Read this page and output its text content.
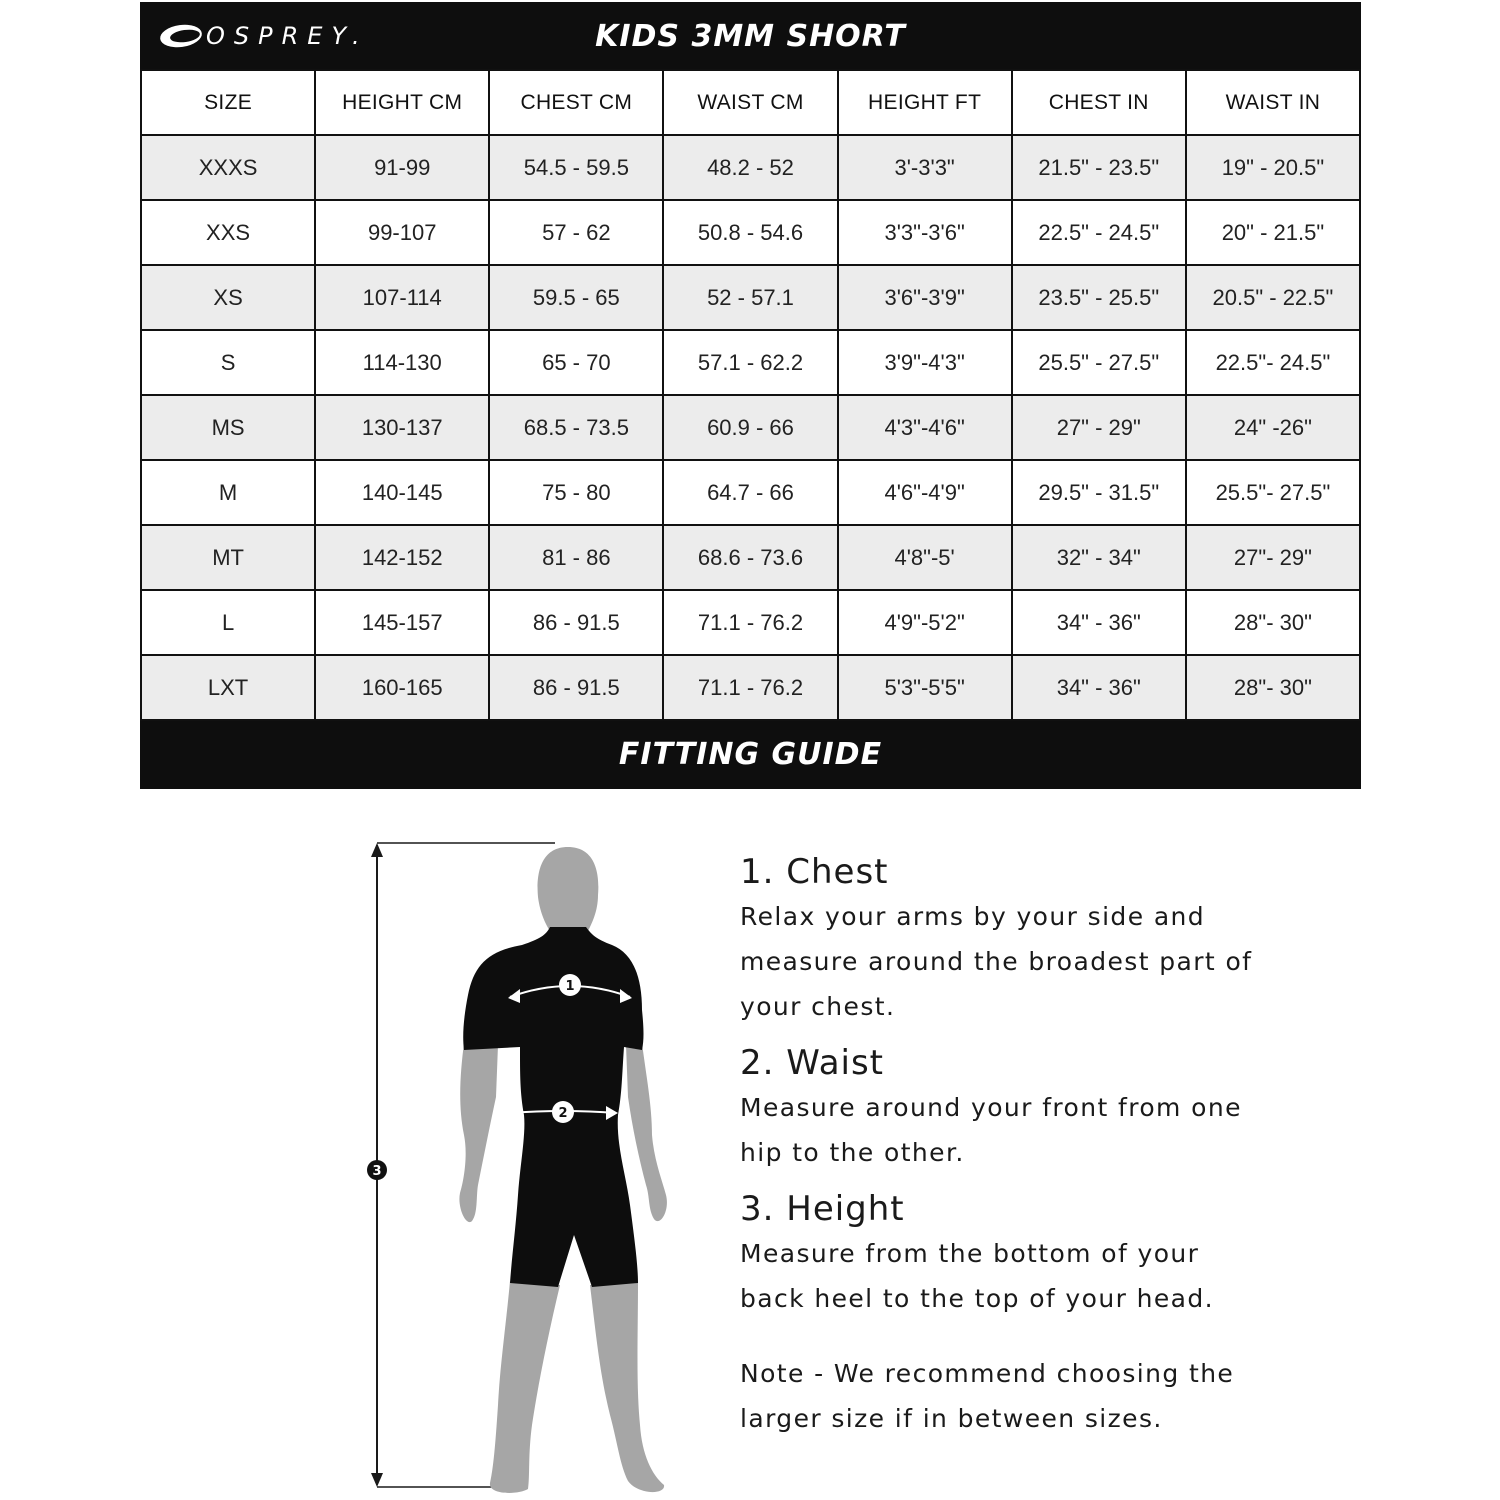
OSPREY.	KIDS 3MM SHORT
SIZE	HEIGHT CM	CHEST CM	WAIST CM	HEIGHT FT	CHEST IN	WAIST IN
XXXS	91-99	54.5 - 59.5	48.2 - 52	3'-3'3"	21.5" - 23.5"	19" - 20.5"
XXS	99-107	57 - 62	50.8 - 54.6	3'3"-3'6"	22.5" - 24.5"	20" - 21.5"
XS	107-114	59.5 - 65	52 - 57.1	3'6"-3'9"	23.5" - 25.5"	20.5" - 22.5"
S	114-130	65 - 70	57.1 - 62.2	3'9"-4'3"	25.5" - 27.5"	22.5"- 24.5"
MS	130-137	68.5 - 73.5	60.9 - 66	4'3"-4'6"	27" - 29"	24" -26"
M	140-145	75 - 80	64.7 - 66	4'6"-4'9"	29.5" - 31.5"	25.5"- 27.5"
MT	142-152	81 - 86	68.6 - 73.6	4'8"-5'	32" - 34"	27"- 29"
L	145-157	86 - 91.5	71.1 - 76.2	4'9"-5'2"	34" - 36"	28"- 30"
LXT	160-165	86 - 91.5	71.1 - 76.2	5'3"-5'5"	34" - 36"	28"- 30"
FITTING GUIDE
3
1
2
1. Chest

Relax your arms by your side and measure around the broadest part of your chest.

2. Waist

Measure around your front from one hip to the other.

3. Height

Measure from the bottom of your back heel to the top of your head.

Note - We recommend choosing the larger size if in between sizes.
